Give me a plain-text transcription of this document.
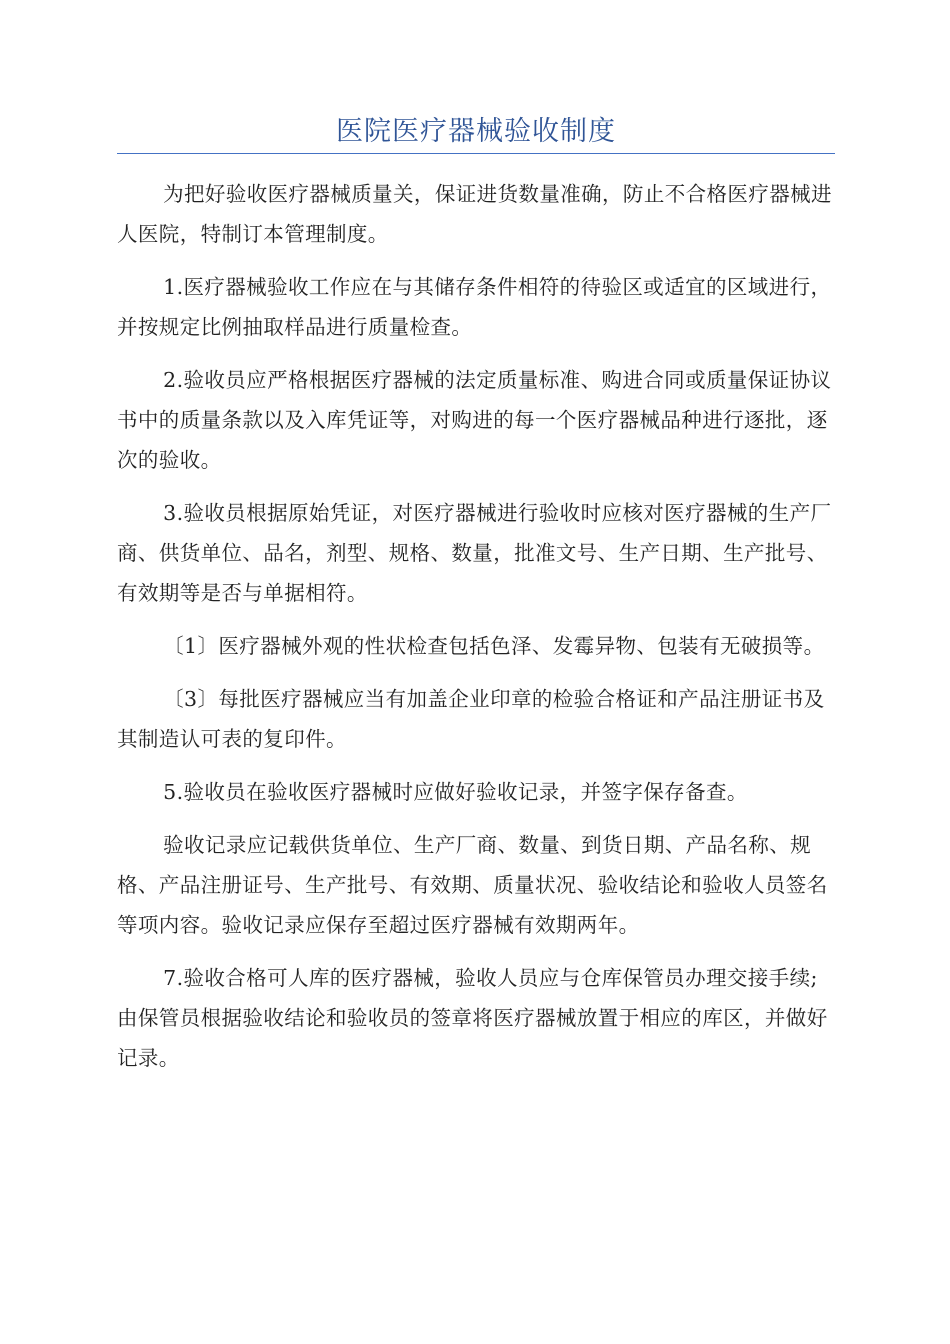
医院医疗器械验收制度

为把好验收医疗器械质量关，保证进货数量准确，防止不合格医疗器械进人医院，特制订本管理制度。

1.医疗器械验收工作应在与其储存条件相符的待验区或适宜的区域进行，并按规定比例抽取样品进行质量检查。

2.验收员应严格根据医疗器械的法定质量标准、购进合同或质量保证协议书中的质量条款以及入库凭证等，对购进的每一个医疗器械品种进行逐批，逐次的验收。

3.验收员根据原始凭证，对医疗器械进行验收时应核对医疗器械的生产厂商、供货单位、品名，剂型、规格、数量，批准文号、生产日期、生产批号、有效期等是否与单据相符。

〔1〕医疗器械外观的性状检查包括色泽、发霉异物、包装有无破损等。

〔3〕每批医疗器械应当有加盖企业印章的检验合格证和产品注册证书及其制造认可表的复印件。

5.验收员在验收医疗器械时应做好验收记录，并签字保存备查。

验收记录应记载供货单位、生产厂商、数量、到货日期、产品名称、规格、产品注册证号、生产批号、有效期、质量状况、验收结论和验收人员签名等项内容。验收记录应保存至超过医疗器械有效期两年。

7.验收合格可人库的医疗器械，验收人员应与仓库保管员办理交接手续;由保管员根据验收结论和验收员的签章将医疗器械放置于相应的库区，并做好记录。
